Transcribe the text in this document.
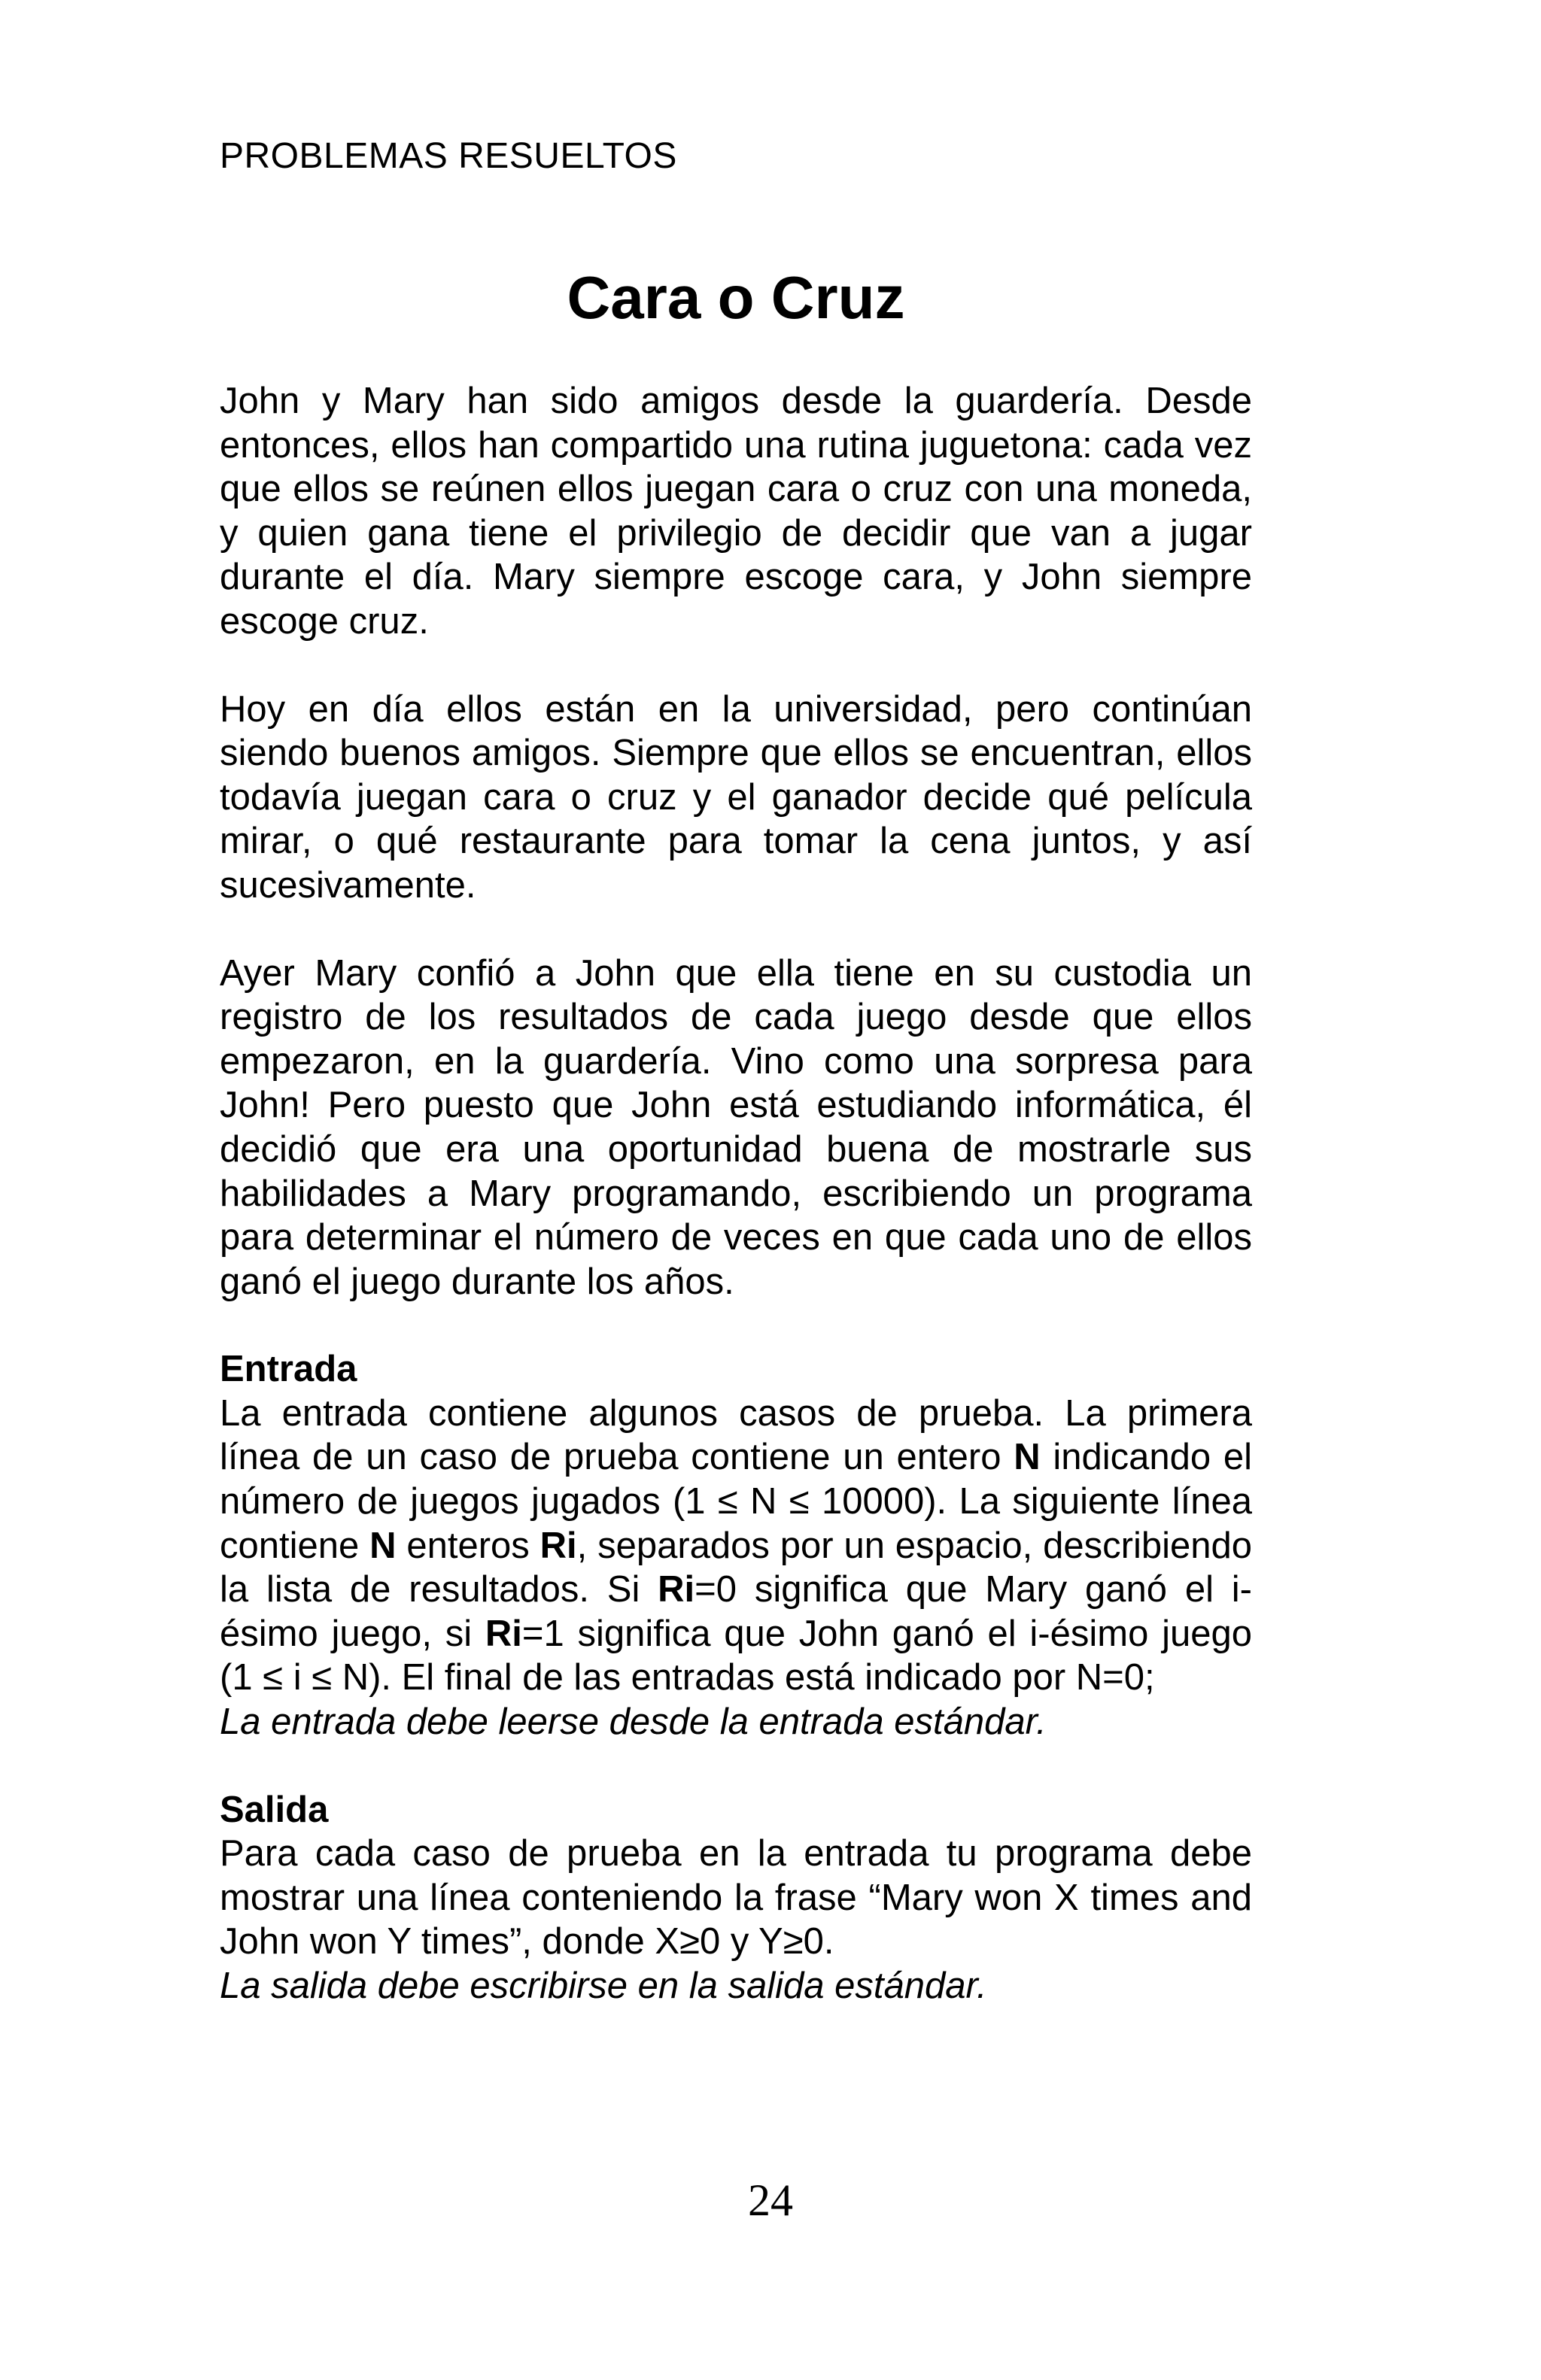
PROBLEMAS RESUELTOS
Cara o Cruz

John y Mary han sido amigos desde la guardería. Desde entonces, ellos han compartido una rutina juguetona: cada vez que ellos se reúnen ellos juegan cara o cruz con una moneda, y quien gana tiene el privilegio de decidir que van a jugar durante el día. Mary siempre escoge cara, y John siempre escoge cruz.

Hoy en día ellos están en la universidad, pero continúan siendo buenos amigos. Siempre que ellos se encuentran, ellos todavía juegan cara o cruz y el ganador decide qué película mirar, o qué restaurante para tomar la cena juntos, y así sucesivamente.

Ayer Mary confió a John que ella tiene en su custodia un registro de los resultados de cada juego desde que ellos empezaron, en la guardería. Vino como una sorpresa para John! Pero puesto que John está estudiando informática, él decidió que era una oportunidad buena de mostrarle sus habilidades a Mary programando, escribiendo un programa para determinar el número de veces en que cada uno de ellos ganó el juego durante los años.

Entrada

La entrada contiene algunos casos de prueba. La primera línea de un caso de prueba contiene un entero N indicando el número de juegos jugados (1 ≤ N ≤ 10000). La siguiente línea contiene N enteros Ri, separados por un espacio, describiendo la lista de resultados. Si Ri=0 significa que Mary ganó el i-ésimo juego, si Ri=1 significa que John ganó el i-ésimo juego (1 ≤ i ≤ N). El final de las entradas está indicado por N=0;

La entrada debe leerse desde la entrada estándar.

Salida

Para cada caso de prueba en la entrada tu programa debe mostrar una línea conteniendo la frase “Mary won X times and John won Y times”, donde X≥0 y Y≥0.

La salida debe escribirse en la salida estándar.

24
